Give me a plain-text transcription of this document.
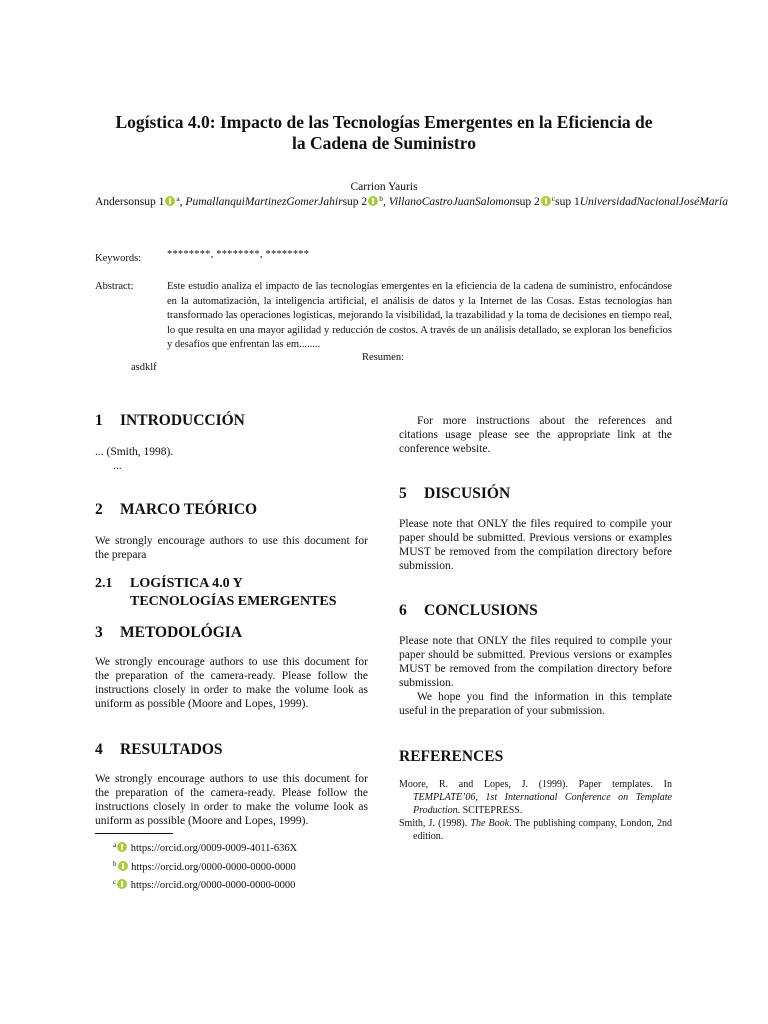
Logística 4.0: Impacto de las Tecnologías Emergentes en la Eficiencia de
la Cadena de Suministro
Carrion Yauris
Andersonsup 1 $^a$, PumallanquiMartinezGomerJahirsup 2 $^b$, VillanoCastroJuanSalomonsup 2 $^c$sup 1UniversidadNacionalJoséMaría
Keywords: ********, ********, ********
Abstract:	Este estudio analiza el impacto de las tecnologías emergentes en la eficiencia de la cadena de suministro, enfocándose en la automatización, la inteligencia artificial, el análisis de datos y la Internet de las Cosas. Estas tecnologías han transformado las operaciones logísticas, mejorando la visibilidad, la trazabilidad y la toma de decisiones en tiempo real, lo que resulta en una mayor agilidad y reducción de costos. A través de un análisis detallado, se exploran los beneficios y desafíos que enfrentan las em........
Resumen:
asdklf
1 INTRODUCCIÓN

... (Smith, 1998).

...

2 MARCO TEÓRICO

We strongly encourage authors to use this document for the prepara

2.1 LOGÍSTICA 4.0 Y
TECNOLOGÍAS EMERGENTES
3 METODOLÓGIA

We strongly encourage authors to use this document for the preparation of the camera-ready. Please follow the instructions closely in order to make the volume look as uniform as possible (Moore and Lopes, 1999).

4 RESULTADOS

We strongly encourage authors to use this document for the preparation of the camera-ready. Please follow the instructions closely in order to make the volume look as uniform as possible (Moore and Lopes, 1999).

For more instructions about the references and citations usage please see the appropriate link at the conference website.

5 DISCUSIÓN

Please note that ONLY the files required to compile your paper should be submitted. Previous versions or examples MUST be removed from the compilation directory before submission.

6 CONCLUSIONS

Please note that ONLY the files required to compile your paper should be submitted. Previous versions or examples MUST be removed from the compilation directory before submission.

We hope you find the information in this template useful in the preparation of your submission.

REFERENCES
Moore, R. and Lopes, J. (1999). Paper templates. In TEMPLATE’06, 1st International Conference on Template Production. SCITEPRESS.
Smith, J. (1998). The Book. The publishing company, London, 2nd edition.
$^a$ https://orcid.org/0009-0009-4011-636X
$^b$ https://orcid.org/0000-0000-0000-0000
$^c$ https://orcid.org/0000-0000-0000-0000
